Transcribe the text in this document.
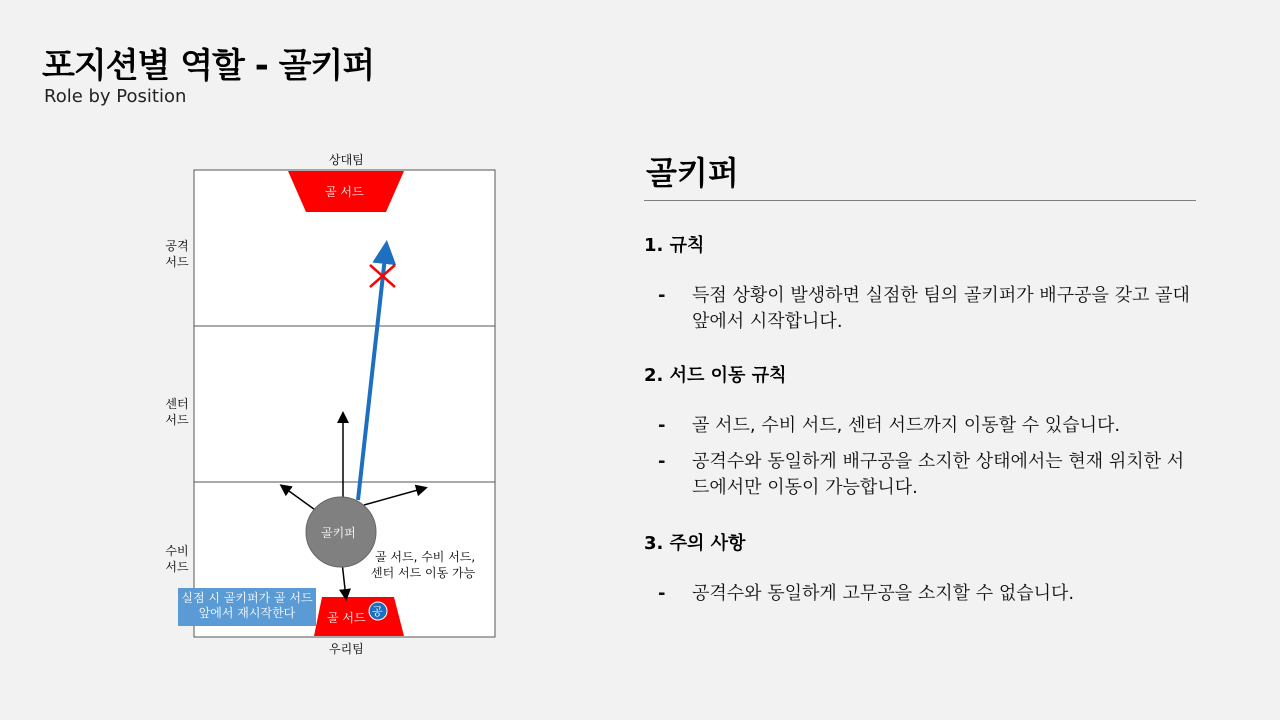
포지션별 역할 - 골키퍼
Role by Position
상대팀
우리팀
골 서드
골 서드 공
골키퍼
골 서드, 수비 서드,
센터 서드 이동 가능
공격
서드
센터
서드
수비
서드
실점 시 골키퍼가 골 서드 앞에서 재시작한다
골키퍼
1. 규칙
- 득점 상황이 발생하면 실점한 팀의 골키퍼가 배구공을 갖고 골대 앞에서 시작합니다.
2. 서드 이동 규칙
- 골 서드, 수비 서드, 센터 서드까지 이동할 수 있습니다.
- 공격수와 동일하게 배구공을 소지한 상태에서는 현재 위치한 서드에서만 이동이 가능합니다.
3. 주의 사항
- 공격수와 동일하게 고무공을 소지할 수 없습니다.
